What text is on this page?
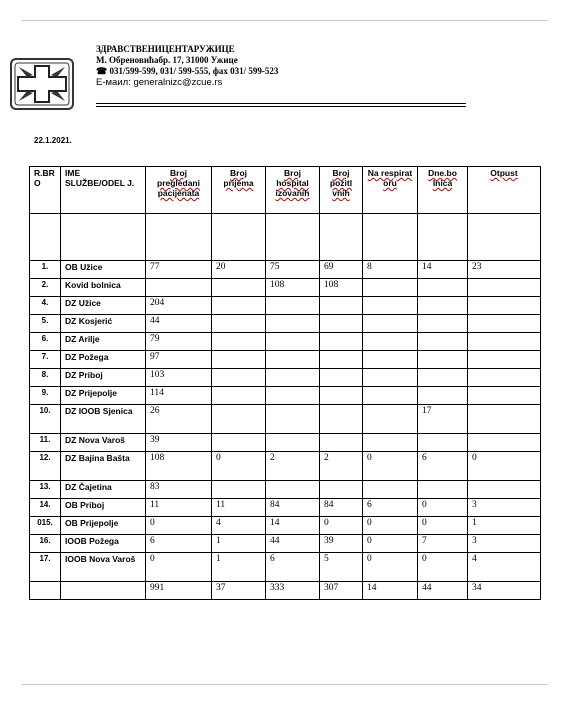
ЗДРАВСТВЕНИЦЕНТАРУЖИЦЕ
М. Обреновићабр. 17, 31000 Ужице
☎ 031/599-599, 031/ 599-555, фах 031/ 599-523
Е-маил: generalnizc@zcue.rs
22.1.2021.
R.BR O	IME SLUŽBE/ODEL J.	Broj pregledani pacijenata	Broj prijema	Broj hospital izovanih	Broj pozitl vnih	Na respirat oru	Dne.bo lnica	Otpust

1.	OB Užice	77	20	75	69	8	14	23
2.	Kovid bolnica			108	108			
4.	DZ Užice	204						
5.	DZ Kosjerić	44						
6.	DZ Arilje	79						
7.	DZ Požega	97						
8.	DZ Priboj	103						
9.	DZ Prijepolje	114						
10.	DZ IOOB Sjenica	26					17	
11.	DZ Nova Varoš	39						
12.	DZ Bajina Bašta	108	0	2	2	0	6	0
13.	DZ Čajetina	83						
14.	OB Priboj	11	11	84	84	6	0	3
015.	OB Prijepolje	0	4	14	0	0	0	1
16.	IOOB Požega	6	1	44	39	0	7	3
17.	IOOB Nova Varoš	0	1	6	5	0	0	4
		991	37	333	307	14	44	34
